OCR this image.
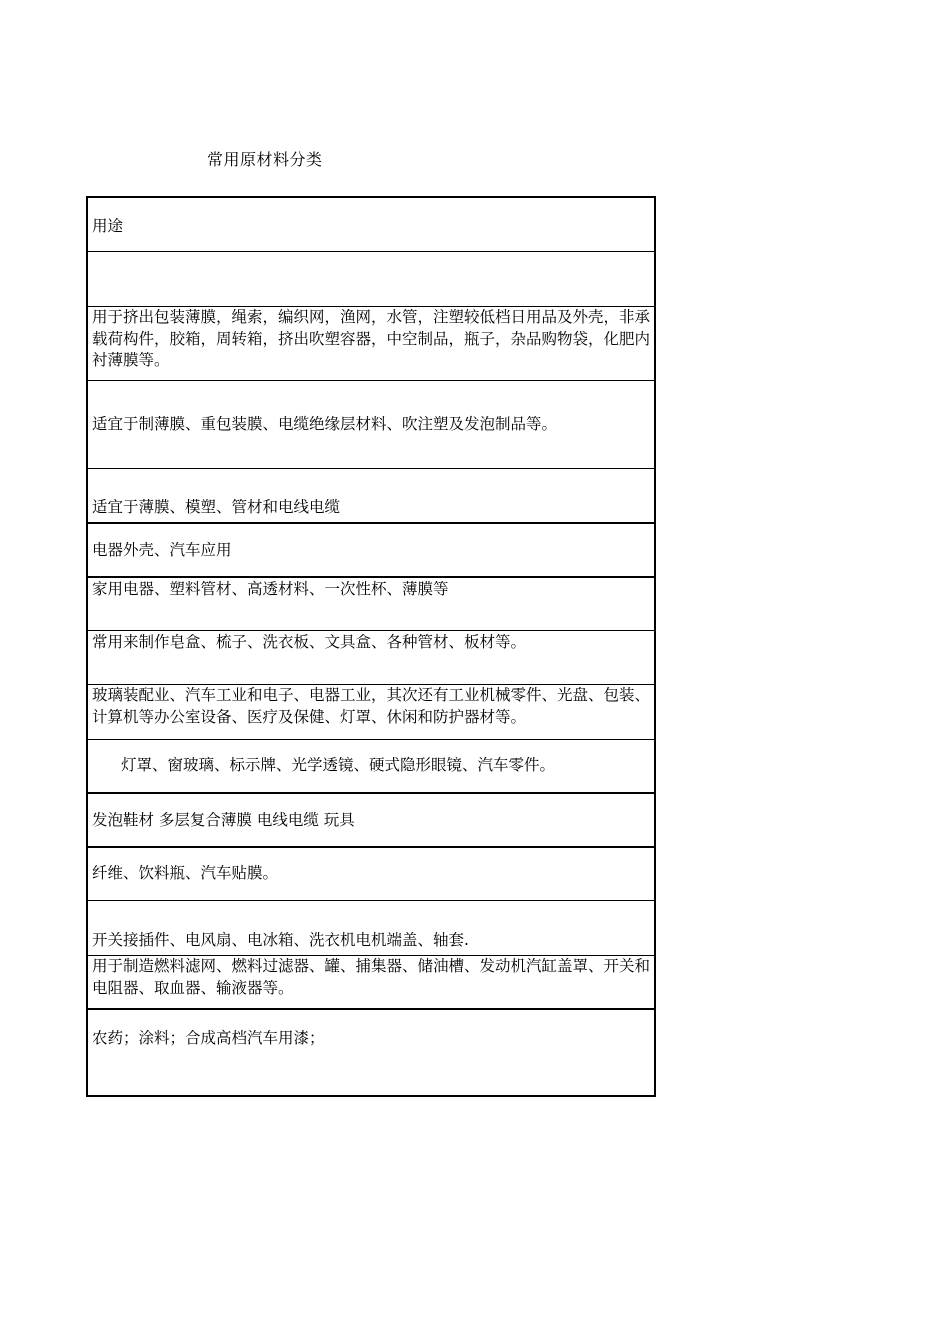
常用原材料分类
用途
用于挤出包装薄膜，绳索，编织网，渔网，水管，注塑较低档日用品及外壳，非承载荷构件，胶箱，周转箱，挤出吹塑容器，中空制品，瓶子，杂品购物袋，化肥内衬薄膜等。
适宜于制薄膜、重包装膜、电缆绝缘层材料、吹注塑及发泡制品等。
适宜于薄膜、模塑、管材和电线电缆
电器外壳、汽车应用
家用电器、塑料管材、高透材料、一次性杯、薄膜等
常用来制作皂盒、梳子、洗衣板、文具盒、各种管材、板材等。
玻璃装配业、汽车工业和电子、电器工业，其次还有工业机械零件、光盘、包装、计算机等办公室设备、医疗及保健、灯罩、休闲和防护器材等。
灯罩、窗玻璃、标示牌、光学透镜、硬式隐形眼镜、汽车零件。
发泡鞋材 多层复合薄膜 电线电缆 玩具
纤维、饮料瓶、汽车贴膜。
开关接插件、电风扇、电冰箱、洗衣机电机端盖、轴套.
用于制造燃料滤网、燃料过滤器、罐、捕集器、储油槽、发动机汽缸盖罩、开关和电阻器、取血器、输液器等。
农药；涂料；合成高档汽车用漆；
